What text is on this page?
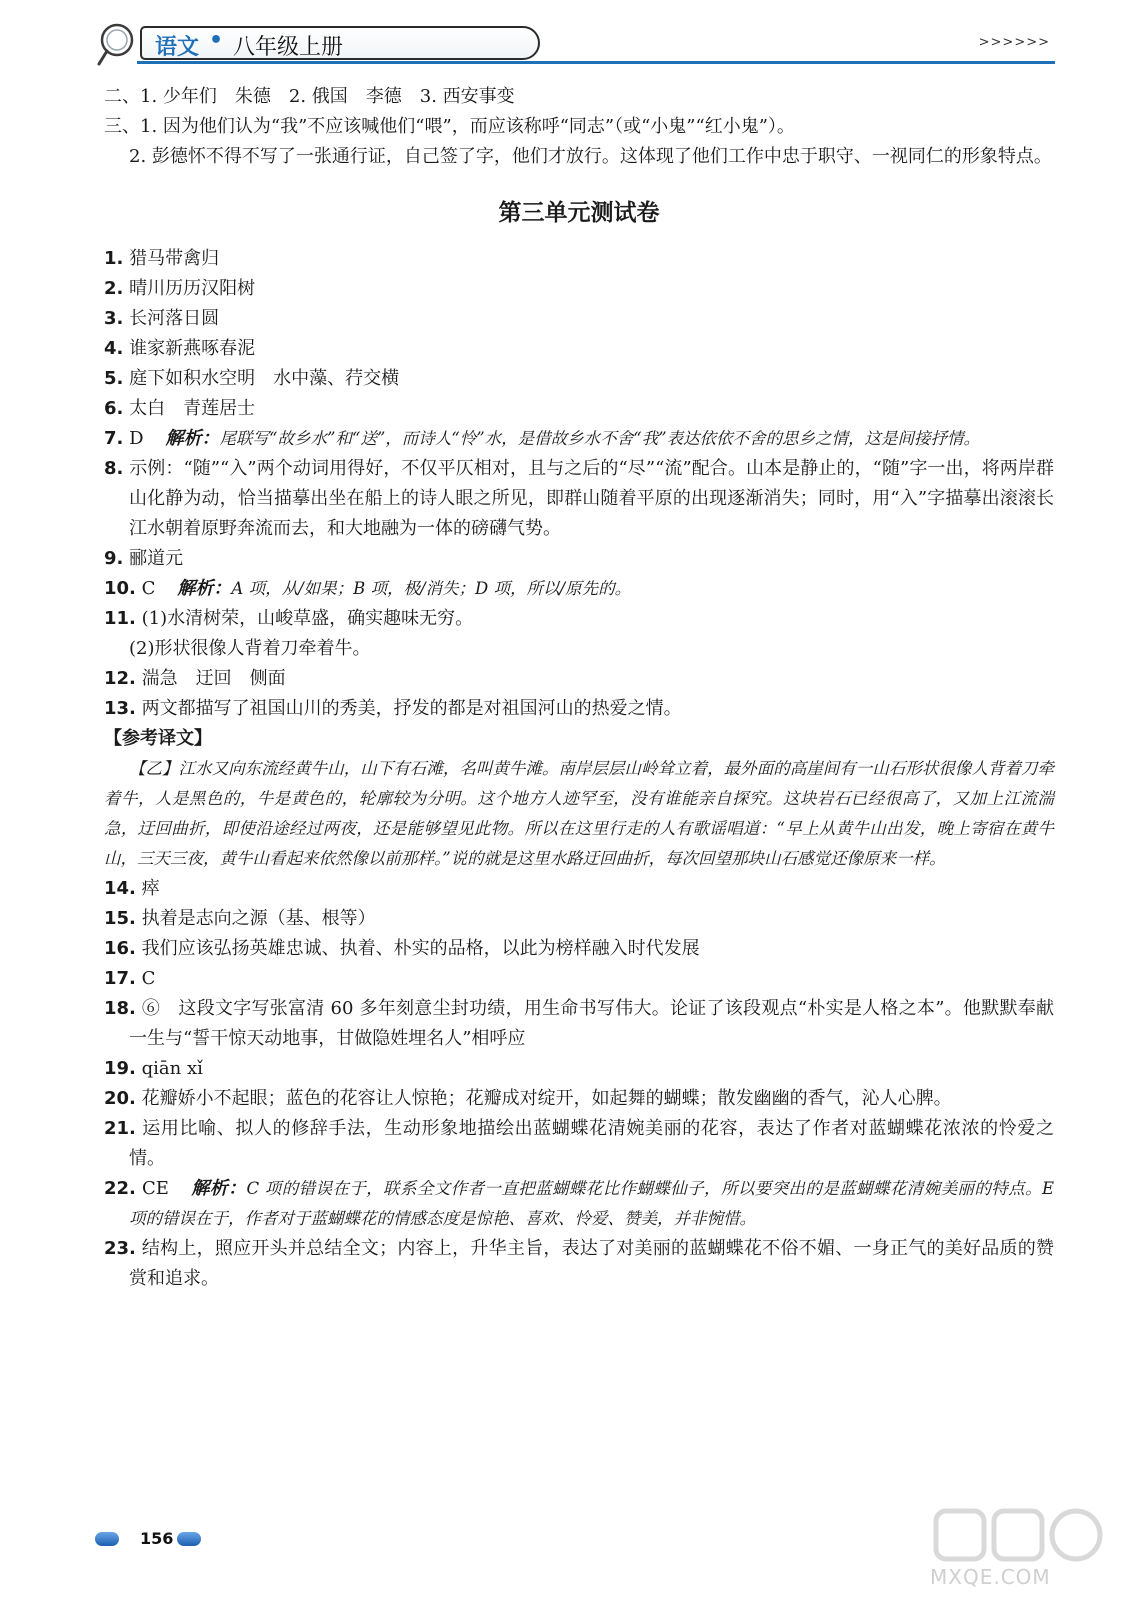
语文 • 八年级上册	>>>>>>
二、1. 少年们　朱德　2. 俄国　李德　3. 西安事变
三、1. 因为他们认为“我”不应该喊他们“喂”，而应该称呼“同志”（或“小鬼”“红小鬼”）。
2. 彭德怀不得不写了一张通行证，自己签了字，他们才放行。这体现了他们工作中忠于职守、一视同仁的形象特点。
第三单元测试卷
1. 猎马带禽归
2. 晴川历历汉阳树
3. 长河落日圆
4. 谁家新燕啄春泥
5. 庭下如积水空明　水中藻、荇交横
6. 太白　青莲居士
7. D 解析：尾联写“故乡水”和“送”，而诗人“怜”水，是借故乡水不舍“我”表达依依不舍的思乡之情，这是间接抒情。
8. 示例：“随”“入”两个动词用得好，不仅平仄相对，且与之后的“尽”“流”配合。山本是静止的，“随”字一出，将两岸群山化静为动，恰当描摹出坐在船上的诗人眼之所见，即群山随着平原的出现逐渐消失；同时，用“入”字描摹出滚滚长江水朝着原野奔流而去，和大地融为一体的磅礴气势。
9. 郦道元
10. C 解析：A 项，从/如果；B 项，极/消失；D 项，所以/原先的。
11. (1)水清树荣，山峻草盛，确实趣味无穷。
(2)形状很像人背着刀牵着牛。
12. 湍急　迂回　侧面
13. 两文都描写了祖国山川的秀美，抒发的都是对祖国河山的热爱之情。
【参考译文】
【乙】江水又向东流经黄牛山，山下有石滩，名叫黄牛滩。南岸层层山岭耸立着，最外面的高崖间有一山石形状很像人背着刀牵着牛，人是黑色的，牛是黄色的，轮廓较为分明。这个地方人迹罕至，没有谁能亲自探究。这块岩石已经很高了，又加上江流湍急，迂回曲折，即使沿途经过两夜，还是能够望见此物。所以在这里行走的人有歌谣唱道：“早上从黄牛山出发，晚上寄宿在黄牛山，三天三夜，黄牛山看起来依然像以前那样。”说的就是这里水路迂回曲折，每次回望那块山石感觉还像原来一样。
14. 瘁
15. 执着是志向之源（基、根等）
16. 我们应该弘扬英雄忠诚、执着、朴实的品格，以此为榜样融入时代发展
17. C
18. ⑥　这段文字写张富清 60 多年刻意尘封功绩，用生命书写伟大。论证了该段观点“朴实是人格之本”。他默默奉献一生与“誓干惊天动地事，甘做隐姓埋名人”相呼应
19. qiān xǐ
20. 花瓣娇小不起眼；蓝色的花容让人惊艳；花瓣成对绽开，如起舞的蝴蝶；散发幽幽的香气，沁人心脾。
21. 运用比喻、拟人的修辞手法，生动形象地描绘出蓝蝴蝶花清婉美丽的花容，表达了作者对蓝蝴蝶花浓浓的怜爱之情。
22. CE 解析：C 项的错误在于，联系全文作者一直把蓝蝴蝶花比作蝴蝶仙子，所以要突出的是蓝蝴蝶花清婉美丽的特点。E 项的错误在于，作者对于蓝蝴蝶花的情感态度是惊艳、喜欢、怜爱、赞美，并非惋惜。
23. 结构上，照应开头并总结全文；内容上，升华主旨，表达了对美丽的蓝蝴蝶花不俗不媚、一身正气的美好品质的赞赏和追求。
156
MXQE.COM
